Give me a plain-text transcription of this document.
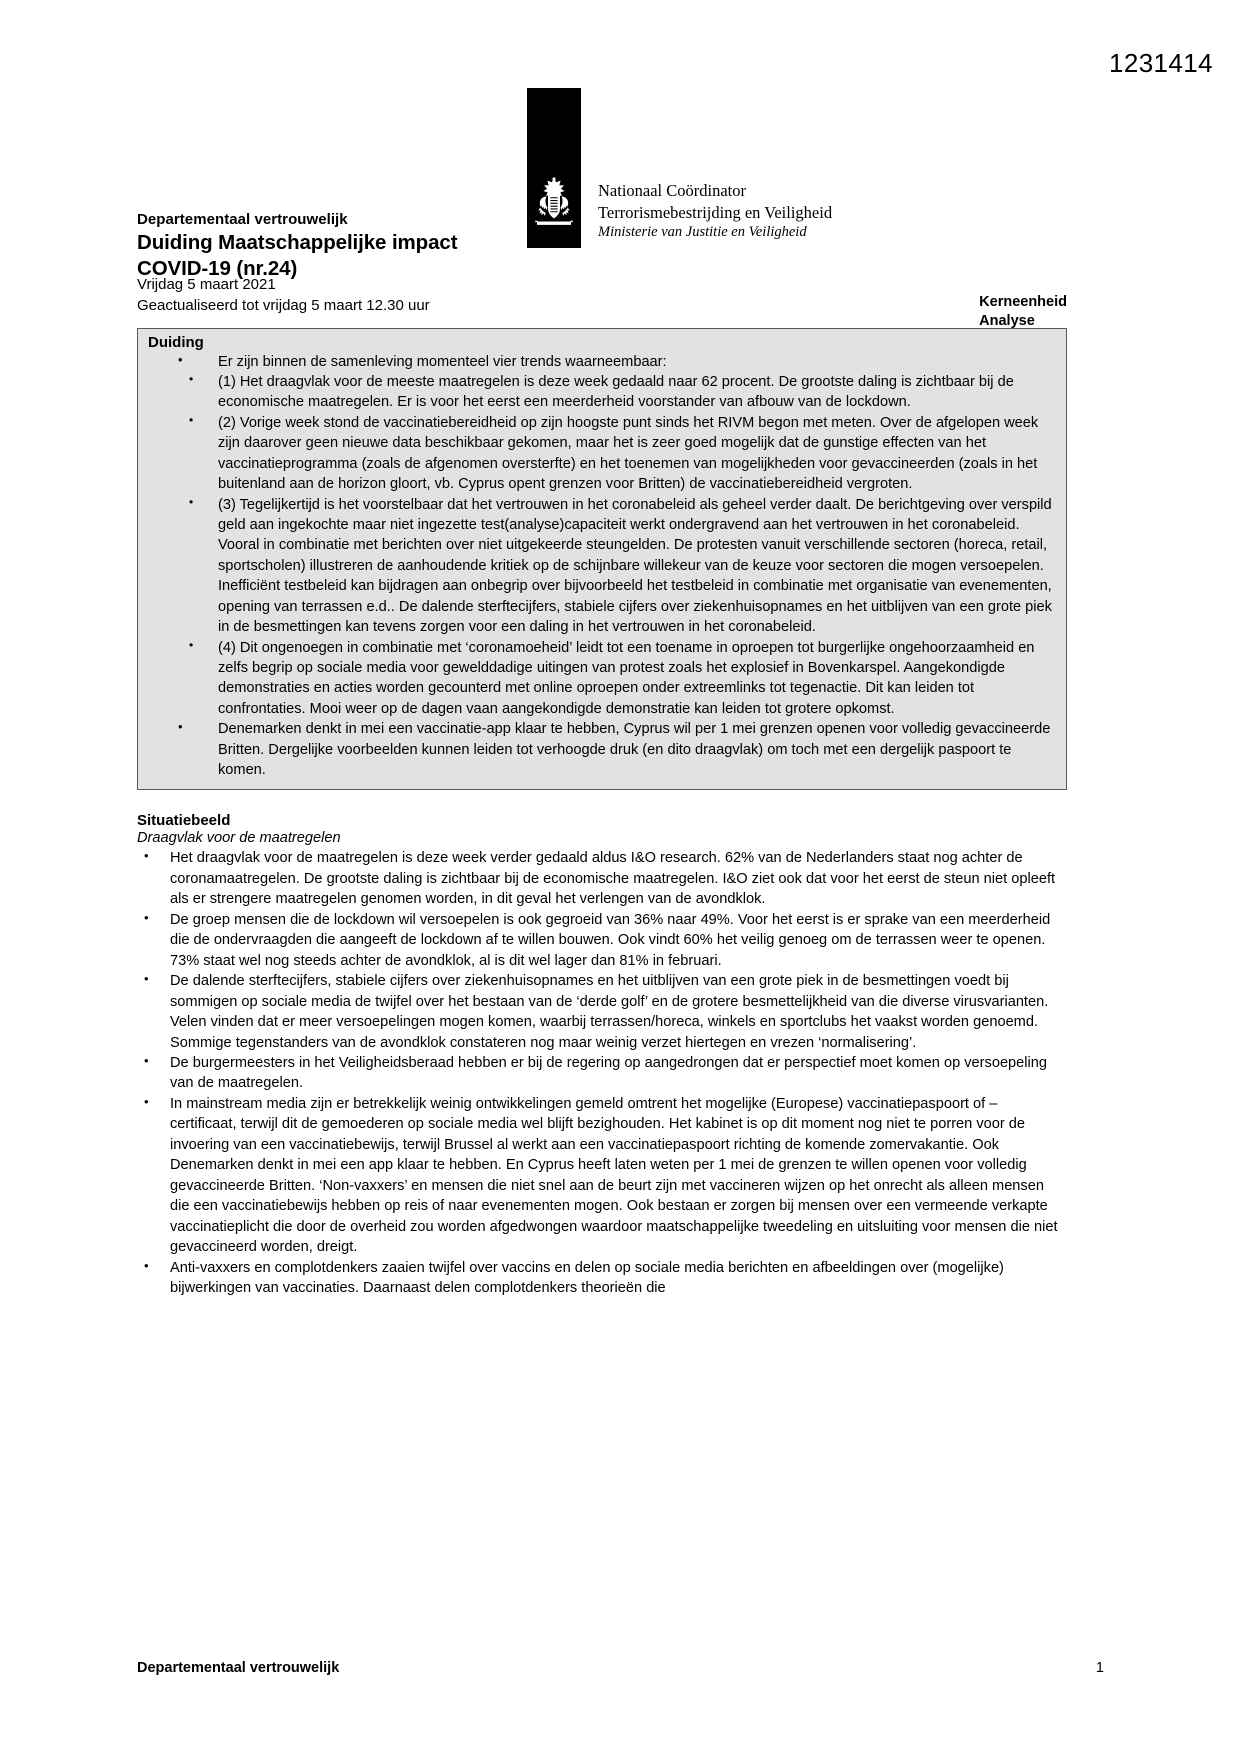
1231414
Nationaal Coördinator
Terrorismebestrijding en Veiligheid
Ministerie van Justitie en Veiligheid
Departementaal vertrouwelijk
Duiding Maatschappelijke impact
COVID-19 (nr.24)
Vrijdag 5 maart 2021
Geactualiseerd tot vrijdag 5 maart 12.30 uur	Kerneenheid
Analyse
Duiding
• Er zijn binnen de samenleving momenteel vier trends waarneembaar:
• (1) Het draagvlak voor de meeste maatregelen is deze week gedaald naar 62 procent. De grootste daling is zichtbaar bij de economische maatregelen. Er is voor het eerst een meerderheid voorstander van afbouw van de lockdown.
• (2) Vorige week stond de vaccinatiebereidheid op zijn hoogste punt sinds het RIVM begon met meten. Over de afgelopen week zijn daarover geen nieuwe data beschikbaar gekomen, maar het is zeer goed mogelijk dat de gunstige effecten van het vaccinatieprogramma (zoals de afgenomen oversterfte) en het toenemen van mogelijkheden voor gevaccineerden (zoals in het buitenland aan de horizon gloort, vb. Cyprus opent grenzen voor Britten) de vaccinatiebereidheid vergroten.
• (3) Tegelijkertijd is het voorstelbaar dat het vertrouwen in het coronabeleid als geheel verder daalt. De berichtgeving over verspild geld aan ingekochte maar niet ingezette test(analyse)capaciteit werkt ondergravend aan het vertrouwen in het coronabeleid. Vooral in combinatie met berichten over niet uitgekeerde steungelden. De protesten vanuit verschillende sectoren (horeca, retail, sportscholen) illustreren de aanhoudende kritiek op de schijnbare willekeur van de keuze voor sectoren die mogen versoepelen. Inefficiënt testbeleid kan bijdragen aan onbegrip over bijvoorbeeld het testbeleid in combinatie met organisatie van evenementen, opening van terrassen e.d.. De dalende sterftecijfers, stabiele cijfers over ziekenhuisopnames en het uitblijven van een grote piek in de besmettingen kan tevens zorgen voor een daling in het vertrouwen in het coronabeleid.
• (4) Dit ongenoegen in combinatie met ‘coronamoeheid’ leidt tot een toename in oproepen tot burgerlijke ongehoorzaamheid en zelfs begrip op sociale media voor gewelddadige uitingen van protest zoals het explosief in Bovenkarspel. Aangekondigde demonstraties en acties worden gecounterd met online oproepen onder extreemlinks tot tegenactie. Dit kan leiden tot confrontaties. Mooi weer op de dagen vaan aangekondigde demonstratie kan leiden tot grotere opkomst.
• Denemarken denkt in mei een vaccinatie-app klaar te hebben, Cyprus wil per 1 mei grenzen openen voor volledig gevaccineerde Britten. Dergelijke voorbeelden kunnen leiden tot verhoogde druk (en dito draagvlak) om toch met een dergelijk paspoort te komen.
Situatiebeeld
Draagvlak voor de maatregelen
• Het draagvlak voor de maatregelen is deze week verder gedaald aldus I&O research. 62% van de Nederlanders staat nog achter de coronamaatregelen. De grootste daling is zichtbaar bij de economische maatregelen. I&O ziet ook dat voor het eerst de steun niet opleeft als er strengere maatregelen genomen worden, in dit geval het verlengen van de avondklok.
• De groep mensen die de lockdown wil versoepelen is ook gegroeid van 36% naar 49%. Voor het eerst is er sprake van een meerderheid die de ondervraagden die aangeeft de lockdown af te willen bouwen. Ook vindt 60% het veilig genoeg om de terrassen weer te openen. 73% staat wel nog steeds achter de avondklok, al is dit wel lager dan 81% in februari.
• De dalende sterftecijfers, stabiele cijfers over ziekenhuisopnames en het uitblijven van een grote piek in de besmettingen voedt bij sommigen op sociale media de twijfel over het bestaan van de ‘derde golf’ en de grotere besmettelijkheid van die diverse virusvarianten. Velen vinden dat er meer versoepelingen mogen komen, waarbij terrassen/horeca, winkels en sportclubs het vaakst worden genoemd. Sommige tegenstanders van de avondklok constateren nog maar weinig verzet hiertegen en vrezen ‘normalisering’.
• De burgermeesters in het Veiligheidsberaad hebben er bij de regering op aangedrongen dat er perspectief moet komen op versoepeling van de maatregelen.
• In mainstream media zijn er betrekkelijk weinig ontwikkelingen gemeld omtrent het mogelijke (Europese) vaccinatiepaspoort of – certificaat, terwijl dit de gemoederen op sociale media wel blijft bezighouden. Het kabinet is op dit moment nog niet te porren voor de invoering van een vaccinatiebewijs, terwijl Brussel al werkt aan een vaccinatiepaspoort richting de komende zomervakantie. Ook Denemarken denkt in mei een app klaar te hebben. En Cyprus heeft laten weten per 1 mei de grenzen te willen openen voor volledig gevaccineerde Britten. ‘Non-vaxxers’ en mensen die niet snel aan de beurt zijn met vaccineren wijzen op het onrecht als alleen mensen die een vaccinatiebewijs hebben op reis of naar evenementen mogen. Ook bestaan er zorgen bij mensen over een vermeende verkapte vaccinatieplicht die door de overheid zou worden afgedwongen waardoor maatschappelijke tweedeling en uitsluiting voor mensen die niet gevaccineerd worden, dreigt.
• Anti-vaxxers en complotdenkers zaaien twijfel over vaccins en delen op sociale media berichten en afbeeldingen over (mogelijke) bijwerkingen van vaccinaties. Daarnaast delen complotdenkers theorieën die
Departementaal vertrouwelijk	1
